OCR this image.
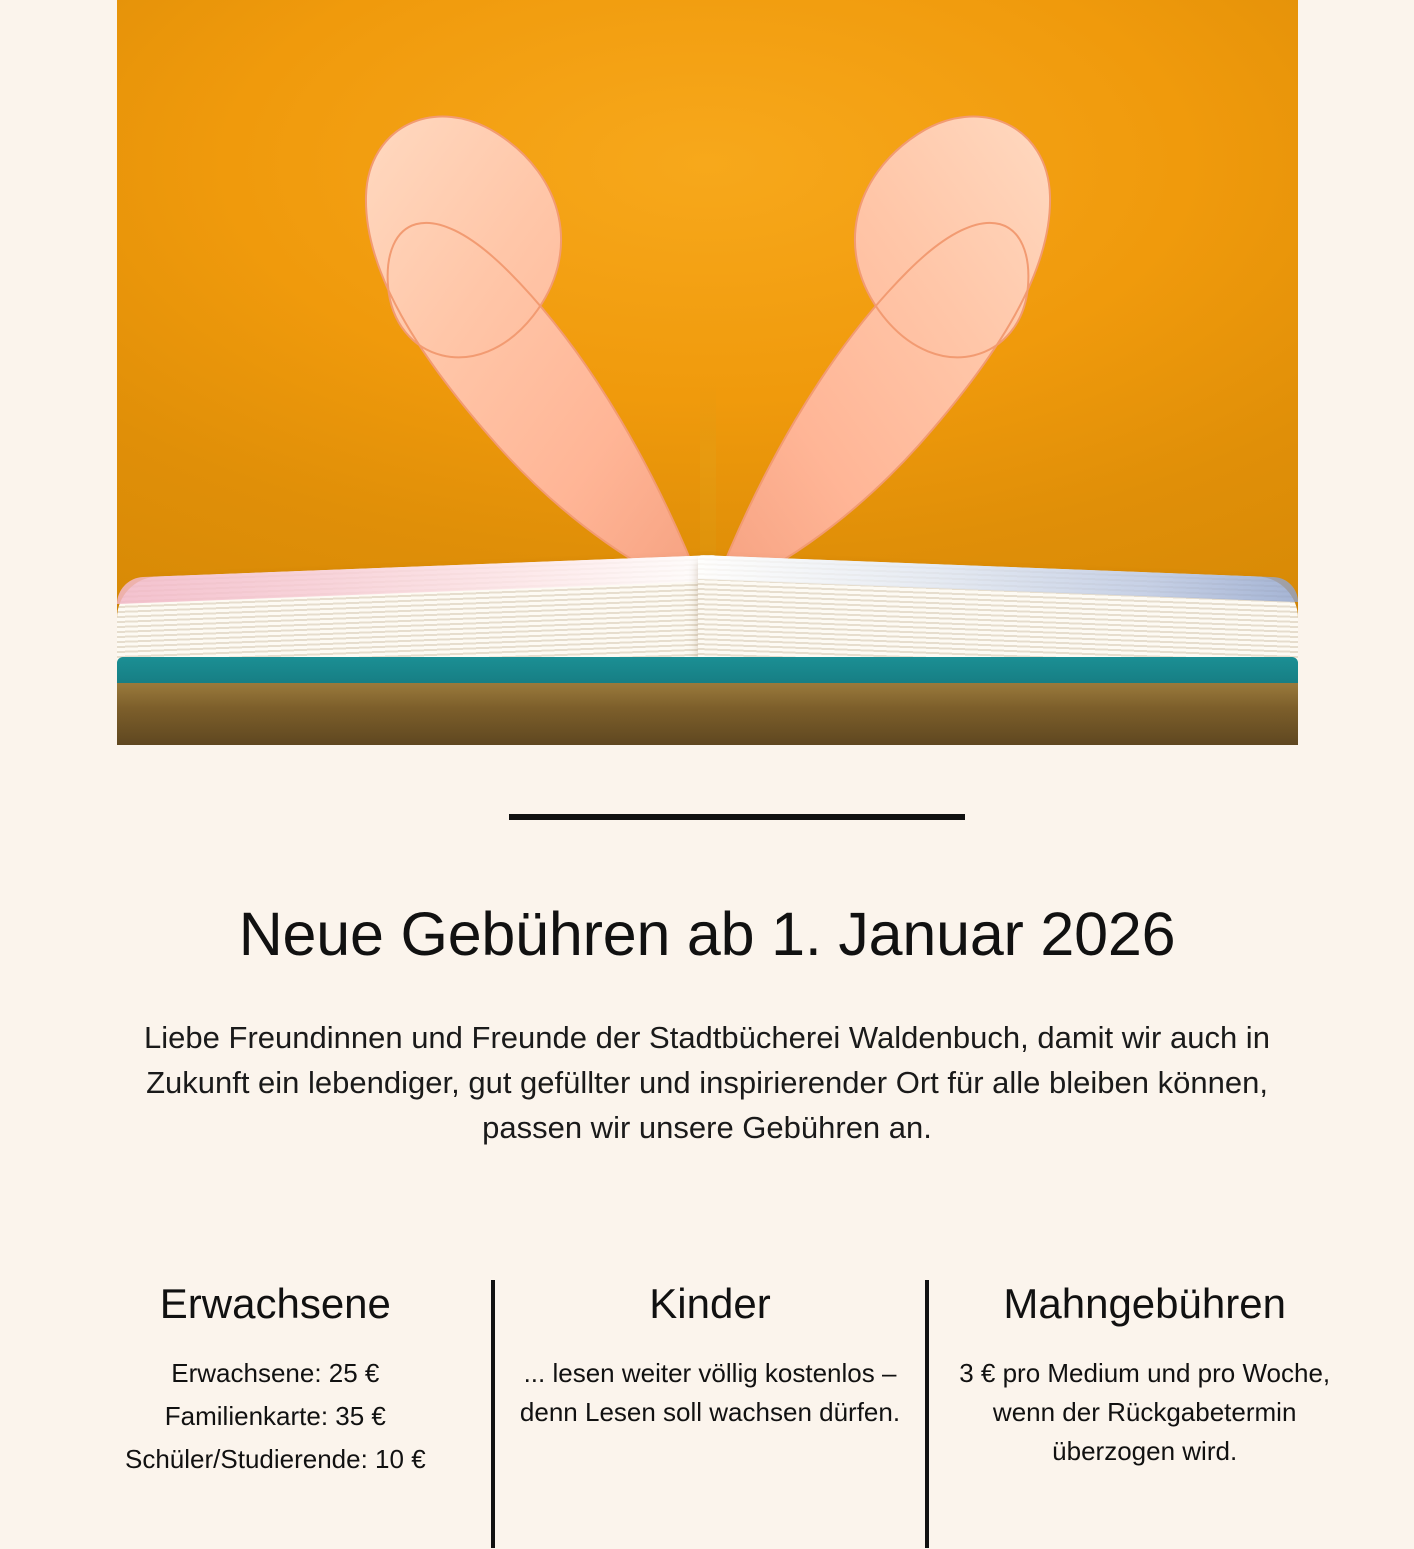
Neue Gebühren ab 1. Januar 2026

Liebe Freundinnen und Freunde der Stadtbücherei Waldenbuch, damit wir auch in Zukunft ein lebendiger, gut gefüllter und inspirierender Ort für alle bleiben können, passen wir unsere Gebühren an.

Erwachsene
Erwachsene: 25 €
Familienkarte: 35 €
Schüler/Studierende: 10 €
Kinder
... lesen weiter völlig kostenlos – denn Lesen soll wachsen dürfen.
Mahngebühren
3 € pro Medium und pro Woche, wenn der Rückgabetermin überzogen wird.
